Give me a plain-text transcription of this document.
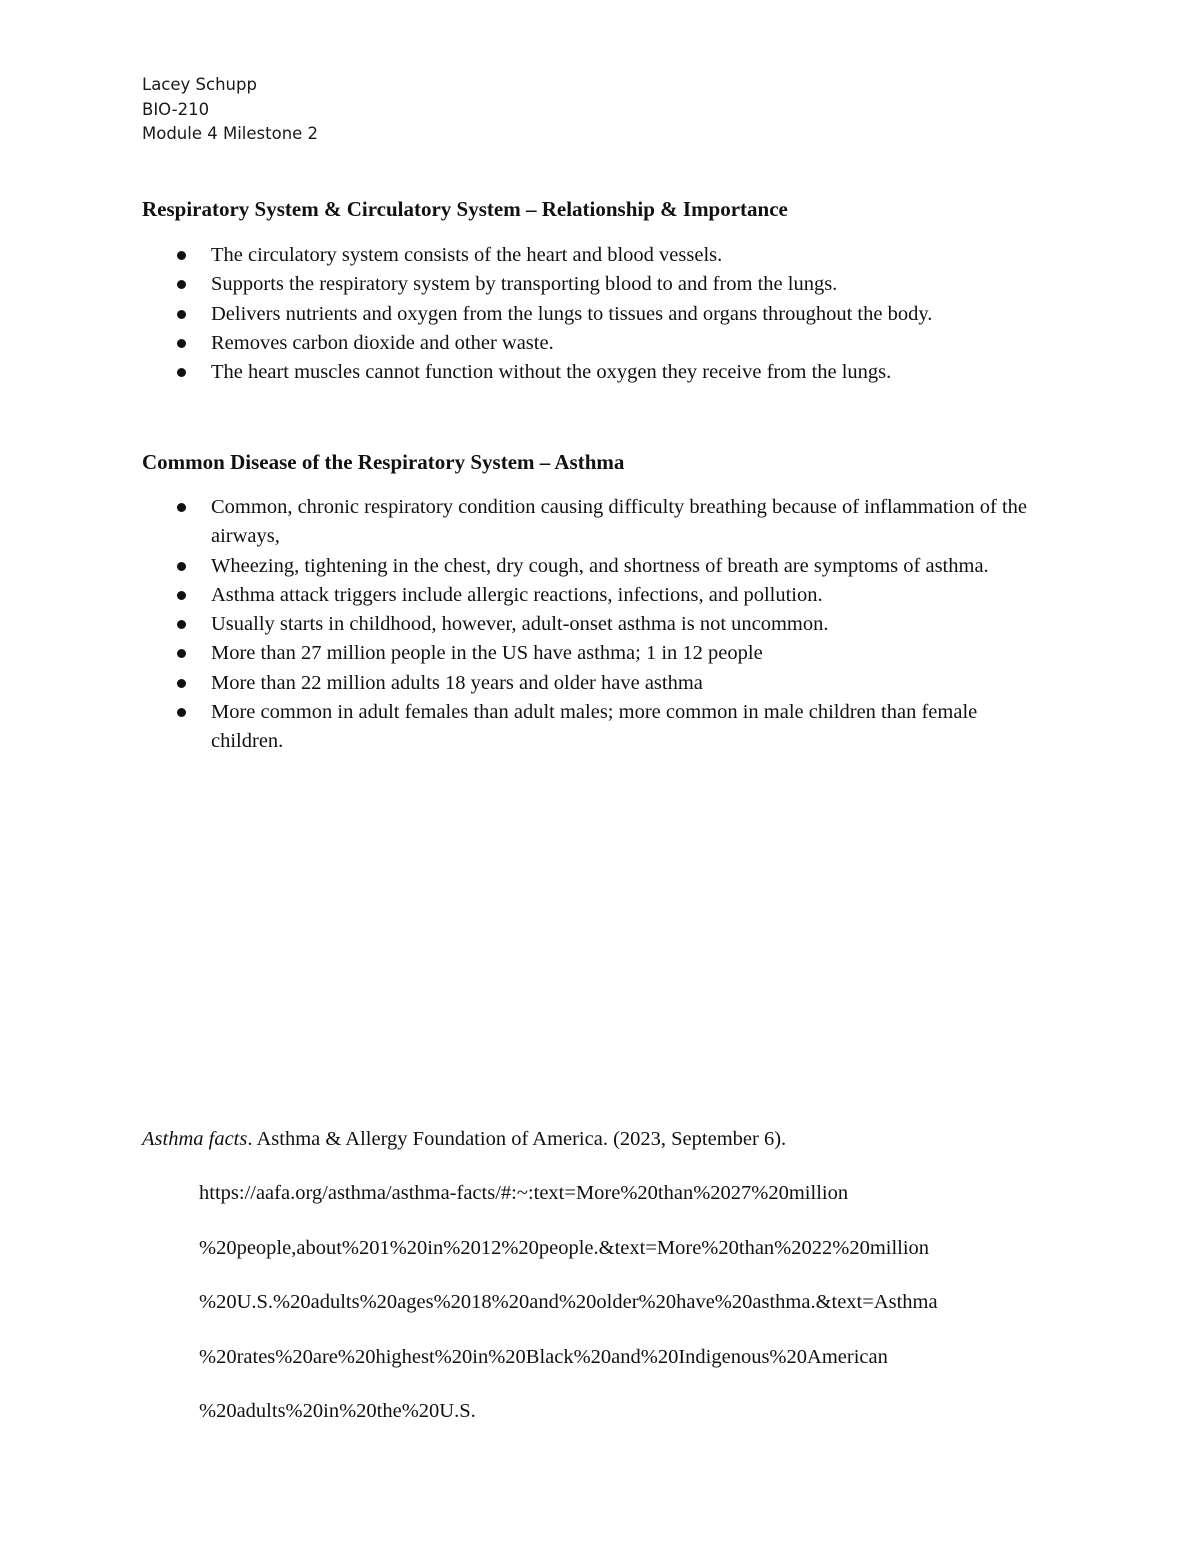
Lacey Schupp
BIO-210
Module 4 Milestone 2
Respiratory System & Circulatory System – Relationship & Importance
The circulatory system consists of the heart and blood vessels.
Supports the respiratory system by transporting blood to and from the lungs.
Delivers nutrients and oxygen from the lungs to tissues and organs throughout the body.
Removes carbon dioxide and other waste.
The heart muscles cannot function without the oxygen they receive from the lungs.
Common Disease of the Respiratory System – Asthma
Common, chronic respiratory condition causing difficulty breathing because of inflammation of the airways,
Wheezing, tightening in the chest, dry cough, and shortness of breath are symptoms of asthma.
Asthma attack triggers include allergic reactions, infections, and pollution.
Usually starts in childhood, however, adult-onset asthma is not uncommon.
More than 27 million people in the US have asthma; 1 in 12 people
More than 22 million adults 18 years and older have asthma
More common in adult females than adult males; more common in male children than female children.
Asthma facts. Asthma & Allergy Foundation of America. (2023, September 6).

https://aafa.org/asthma/asthma-facts/#:~:text=More%20than%2027%20million

%20people,about%201%20in%2012%20people.&text=More%20than%2022%20million

%20U.S.%20adults%20ages%2018%20and%20older%20have%20asthma.&text=Asthma

%20rates%20are%20highest%20in%20Black%20and%20Indigenous%20American

%20adults%20in%20the%20U.S.
